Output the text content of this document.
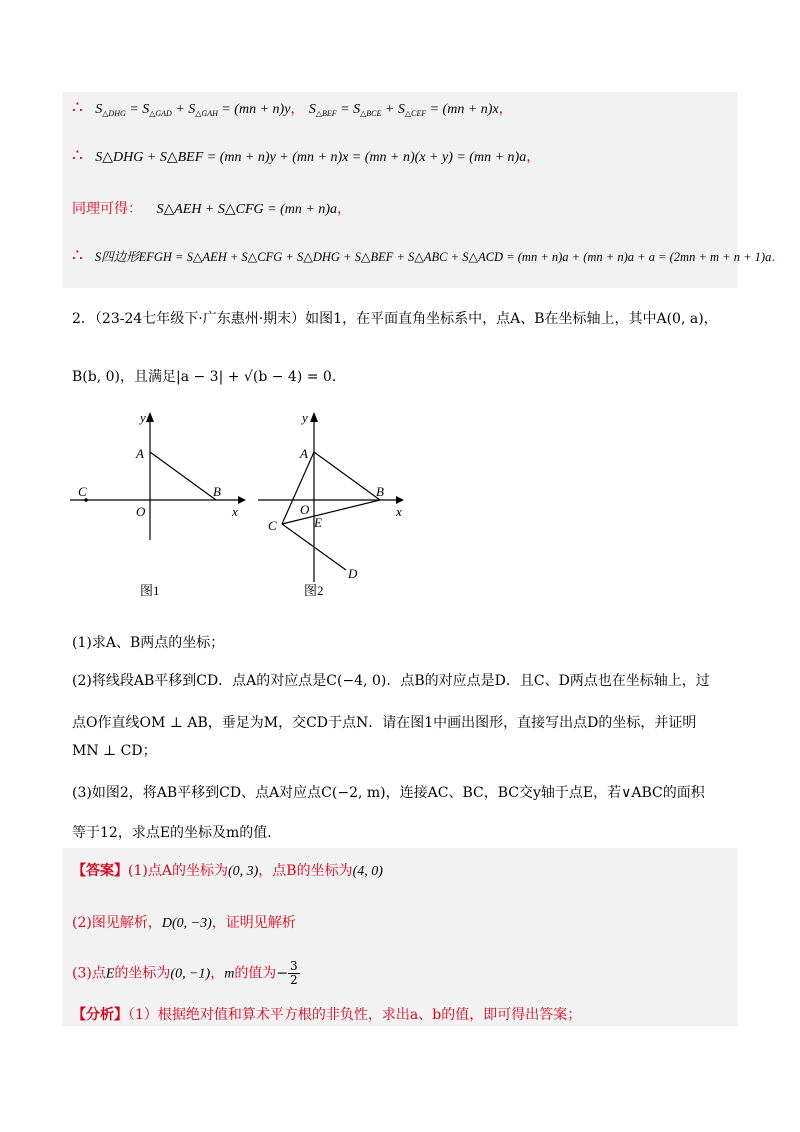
∴ $S_{\triangle DHG} = S_{\triangle GAD} + S_{\triangle GAH} = (mn + n)y$， $S_{\triangle BEF} = S_{\triangle BCE} + S_{\triangle CEF} = (mn + n)x$，
∴ S△DHG + S△BEF = (mn + n)y + (mn + n)x = (mn + n)(x + y) = (mn + n)a，
同理可得： S△AEH + S△CFG = (mn + n)a，
∴ S四边形EFGH = S△AEH + S△CFG + S△DHG + S△BEF + S△ABC + S△ACD = (mn + n)a + (mn + n)a + a = (2mn + m + n + 1)a.
2．（23-24七年级下·广东惠州·期末）如图1，在平面直角坐标系中，点A、B在坐标轴上，其中A(0, a)，
B(b, 0)，且满足|a − 3| + √(b − 4) = 0．
y
A
C
O
B
x
图1
y
A
O
B
x
C	E
D
图2
(1)求A、B两点的坐标；
(2)将线段AB平移到CD．点A的对应点是C(−4, 0)．点B的对应点是D．且C、D两点也在坐标轴上，过
点O作直线OM ⊥ AB，垂足为M，交CD于点N．请在图1中画出图形，直接写出点D的坐标，并证明
MN ⊥ CD；
(3)如图2，将AB平移到CD、点A对应点C(−2, m)，连接AC、BC，BC交y轴于点E，若∨ABC的面积
等于12，求点E的坐标及m的值．
【答案】(1)点A的坐标为(0, 3)，点B的坐标为(4, 0)
(2)图见解析，D(0, −3)，证明见解析
(3)点E的坐标为(0, −1)，m的值为− $\frac{3}{2}$
【分析】（1）根据绝对值和算术平方根的非负性，求出a、b的值，即可得出答案；
